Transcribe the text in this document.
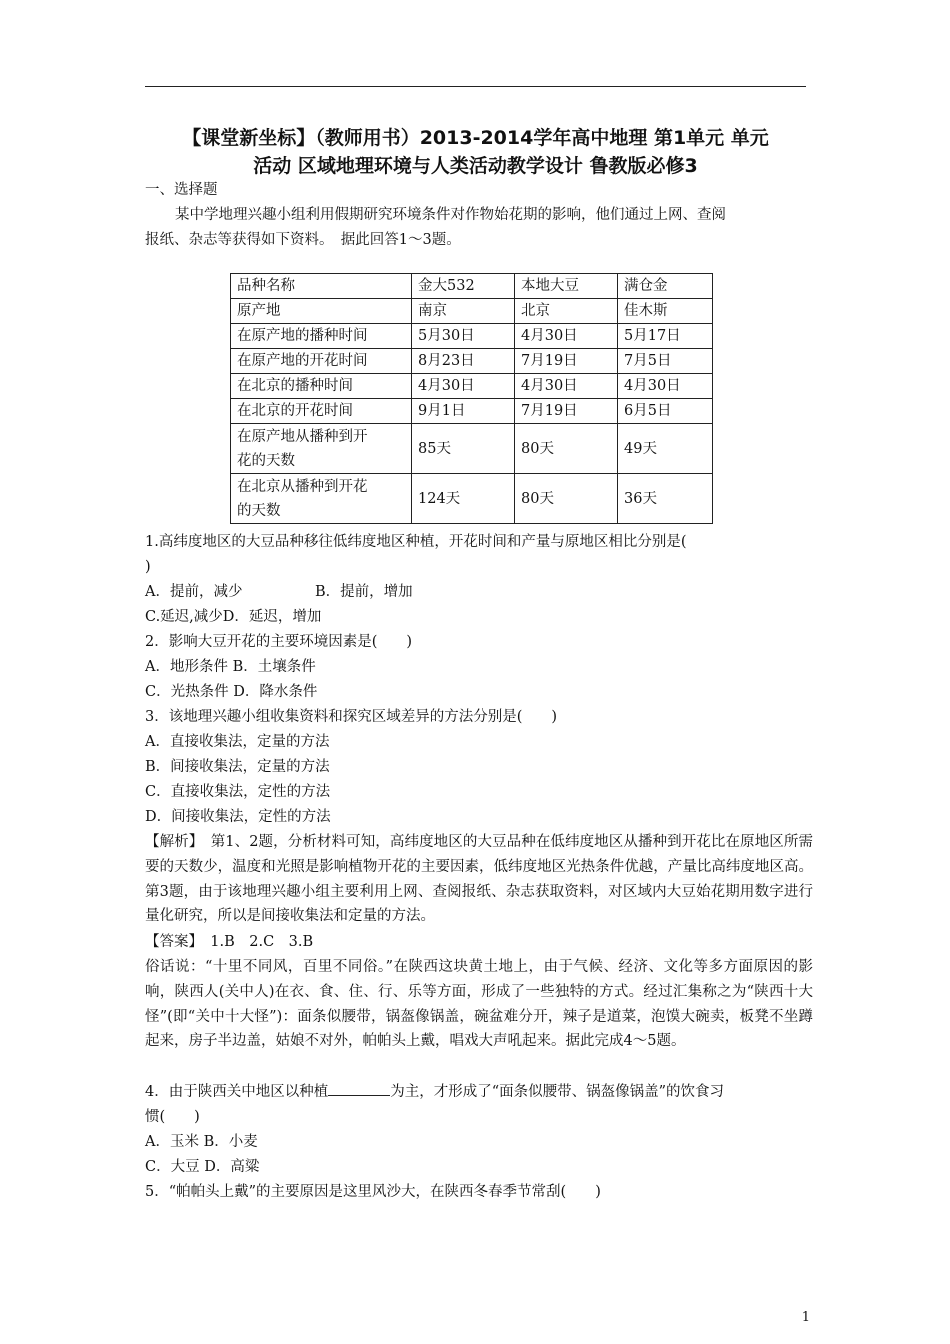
【课堂新坐标】（教师用书）2013-2014学年高中地理 第1单元 单元
活动 区域地理环境与人类活动教学设计 鲁教版必修3
一、选择题
某中学地理兴趣小组利用假期研究环境条件对作物始花期的影响，他们通过上网、查阅
报纸、杂志等获得如下资料。　据此回答1～3题。
品种名称	金大532	本地大豆	满仓金
原产地	南京	北京	佳木斯
在原产地的播种时间	5月30日	4月30日	5月17日
在原产地的开花时间	8月23日	7月19日	7月5日
在北京的播种时间	4月30日	4月30日	4月30日
在北京的开花时间	9月1日	7月19日	6月5日

在原产地从播种到开
花的天数	85天	80天	49天

在北京从播种到开花
的天数	124天	80天	36天
1.高纬度地区的大豆品种移往低纬度地区种植，开花时间和产量与原地区相比分别是(
)
A．提前，减少　　　　　B．提前，增加
C.延迟,减少D．延迟，增加
2．影响大豆开花的主要环境因素是(　　)
A．地形条件 B．土壤条件
C．光热条件 D．降水条件
3．该地理兴趣小组收集资料和探究区域差异的方法分别是(　　)
A．直接收集法，定量的方法
B．间接收集法，定量的方法
C．直接收集法，定性的方法
D．间接收集法，定性的方法
【解析】　第1、2题，分析材料可知，高纬度地区的大豆品种在低纬度地区从播种到开花比在原地区所需要的天数少，温度和光照是影响植物开花的主要因素，低纬度地区光热条件优越，产量比高纬度地区高。第3题，由于该地理兴趣小组主要利用上网、查阅报纸、杂志获取资料，对区域内大豆始花期用数字进行量化研究，所以是间接收集法和定量的方法。
【答案】　1.B　2.C　3.B
俗话说：“十里不同风，百里不同俗。”在陕西这块黄土地上，由于气候、经济、文化等多方面原因的影响，陕西人(关中人)在衣、食、住、行、乐等方面，形成了一些独特的方式。经过汇集称之为“陕西十大怪”(即“关中十大怪”)：面条似腰带，锅盔像锅盖，碗盆难分开，辣子是道菜，泡馍大碗卖，板凳不坐蹲起来，房子半边盖，姑娘不对外，帕帕头上戴，唱戏大声吼起来。据此完成4～5题。
4．由于陕西关中地区以种植	为主，才形成了“面条似腰带、锅盔像锅盖”的饮食习
惯(　　)
A．玉米 B．小麦
C．大豆 D．高粱
5．“帕帕头上戴”的主要原因是这里风沙大，在陕西冬春季节常刮(　　)
1
